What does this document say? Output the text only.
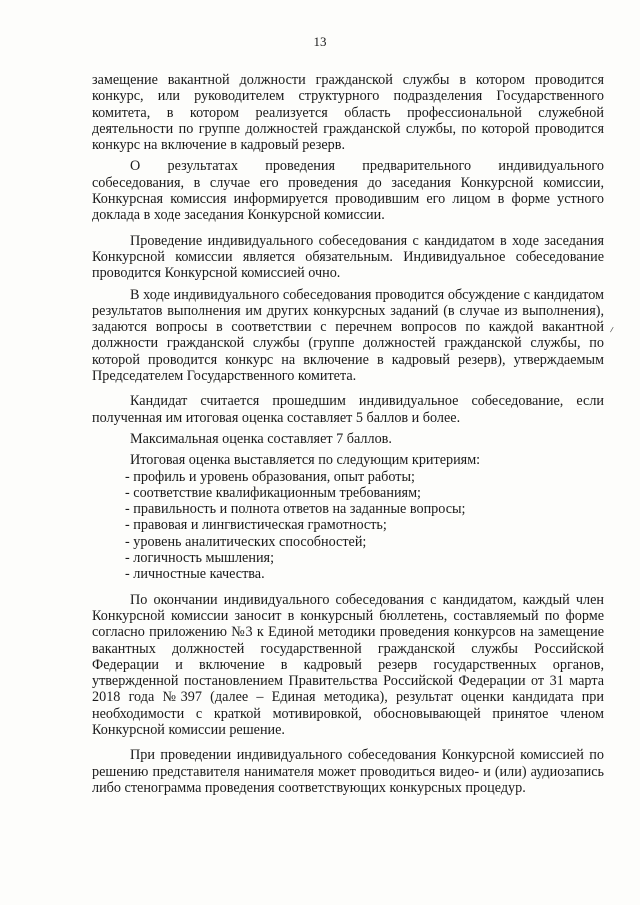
13

замещение вакантной должности гражданской службы в котором проводится конкурс, или руководителем структурного подразделения Государственного комитета, в котором реализуется область профессиональной служебной деятельности по группе должностей гражданской службы, по которой проводится конкурс на включение в кадровый резерв.

О результатах проведения предварительного индивидуального собеседования, в случае его проведения до заседания Конкурсной комиссии, Конкурсная комиссия информируется проводившим его лицом в форме устного доклада в ходе заседания Конкурсной комиссии.

Проведение индивидуального собеседования с кандидатом в ходе заседания Конкурсной комиссии является обязательным. Индивидуальное собеседование проводится Конкурсной комиссией очно.

В ходе индивидуального собеседования проводится обсуждение с кандидатом результатов выполнения им других конкурсных заданий (в случае из выполнения), задаются вопросы в соответствии с перечнем вопросов по каждой вакантной должности гражданской службы (группе должностей гражданской службы, по которой проводится конкурс на включение в кадровый резерв), утверждаемым Председателем Государственного комитета.

Кандидат считается прошедшим индивидуальное собеседование, если полученная им итоговая оценка составляет 5 баллов и более.

Максимальная оценка составляет 7 баллов.

Итоговая оценка выставляется по следующим критериям:

- профиль и уровень образования, опыт работы;
- соответствие квалификационным требованиям;
- правильность и полнота ответов на заданные вопросы;
- правовая и лингвистическая грамотность;
- уровень аналитических способностей;
- логичность мышления;
- личностные качества.

По окончании индивидуального собеседования с кандидатом, каждый член Конкурсной комиссии заносит в конкурсный бюллетень, составляемый по форме согласно приложению №3 к Единой методики проведения конкурсов на замещение вакантных должностей государственной гражданской службы Российской Федерации и включение в кадровый резерв государственных органов, утвержденной постановлением Правительства Российской Федерации от 31 марта 2018 года №397 (далее – Единая методика), результат оценки кандидата при необходимости с краткой мотивировкой, обосновывающей принятое членом Конкурсной комиссии решение.

При проведении индивидуального собеседования Конкурсной комиссией по решению представителя нанимателя может проводиться видео- и (или) аудиозапись либо стенограмма проведения соответствующих конкурсных процедур.

⸝
